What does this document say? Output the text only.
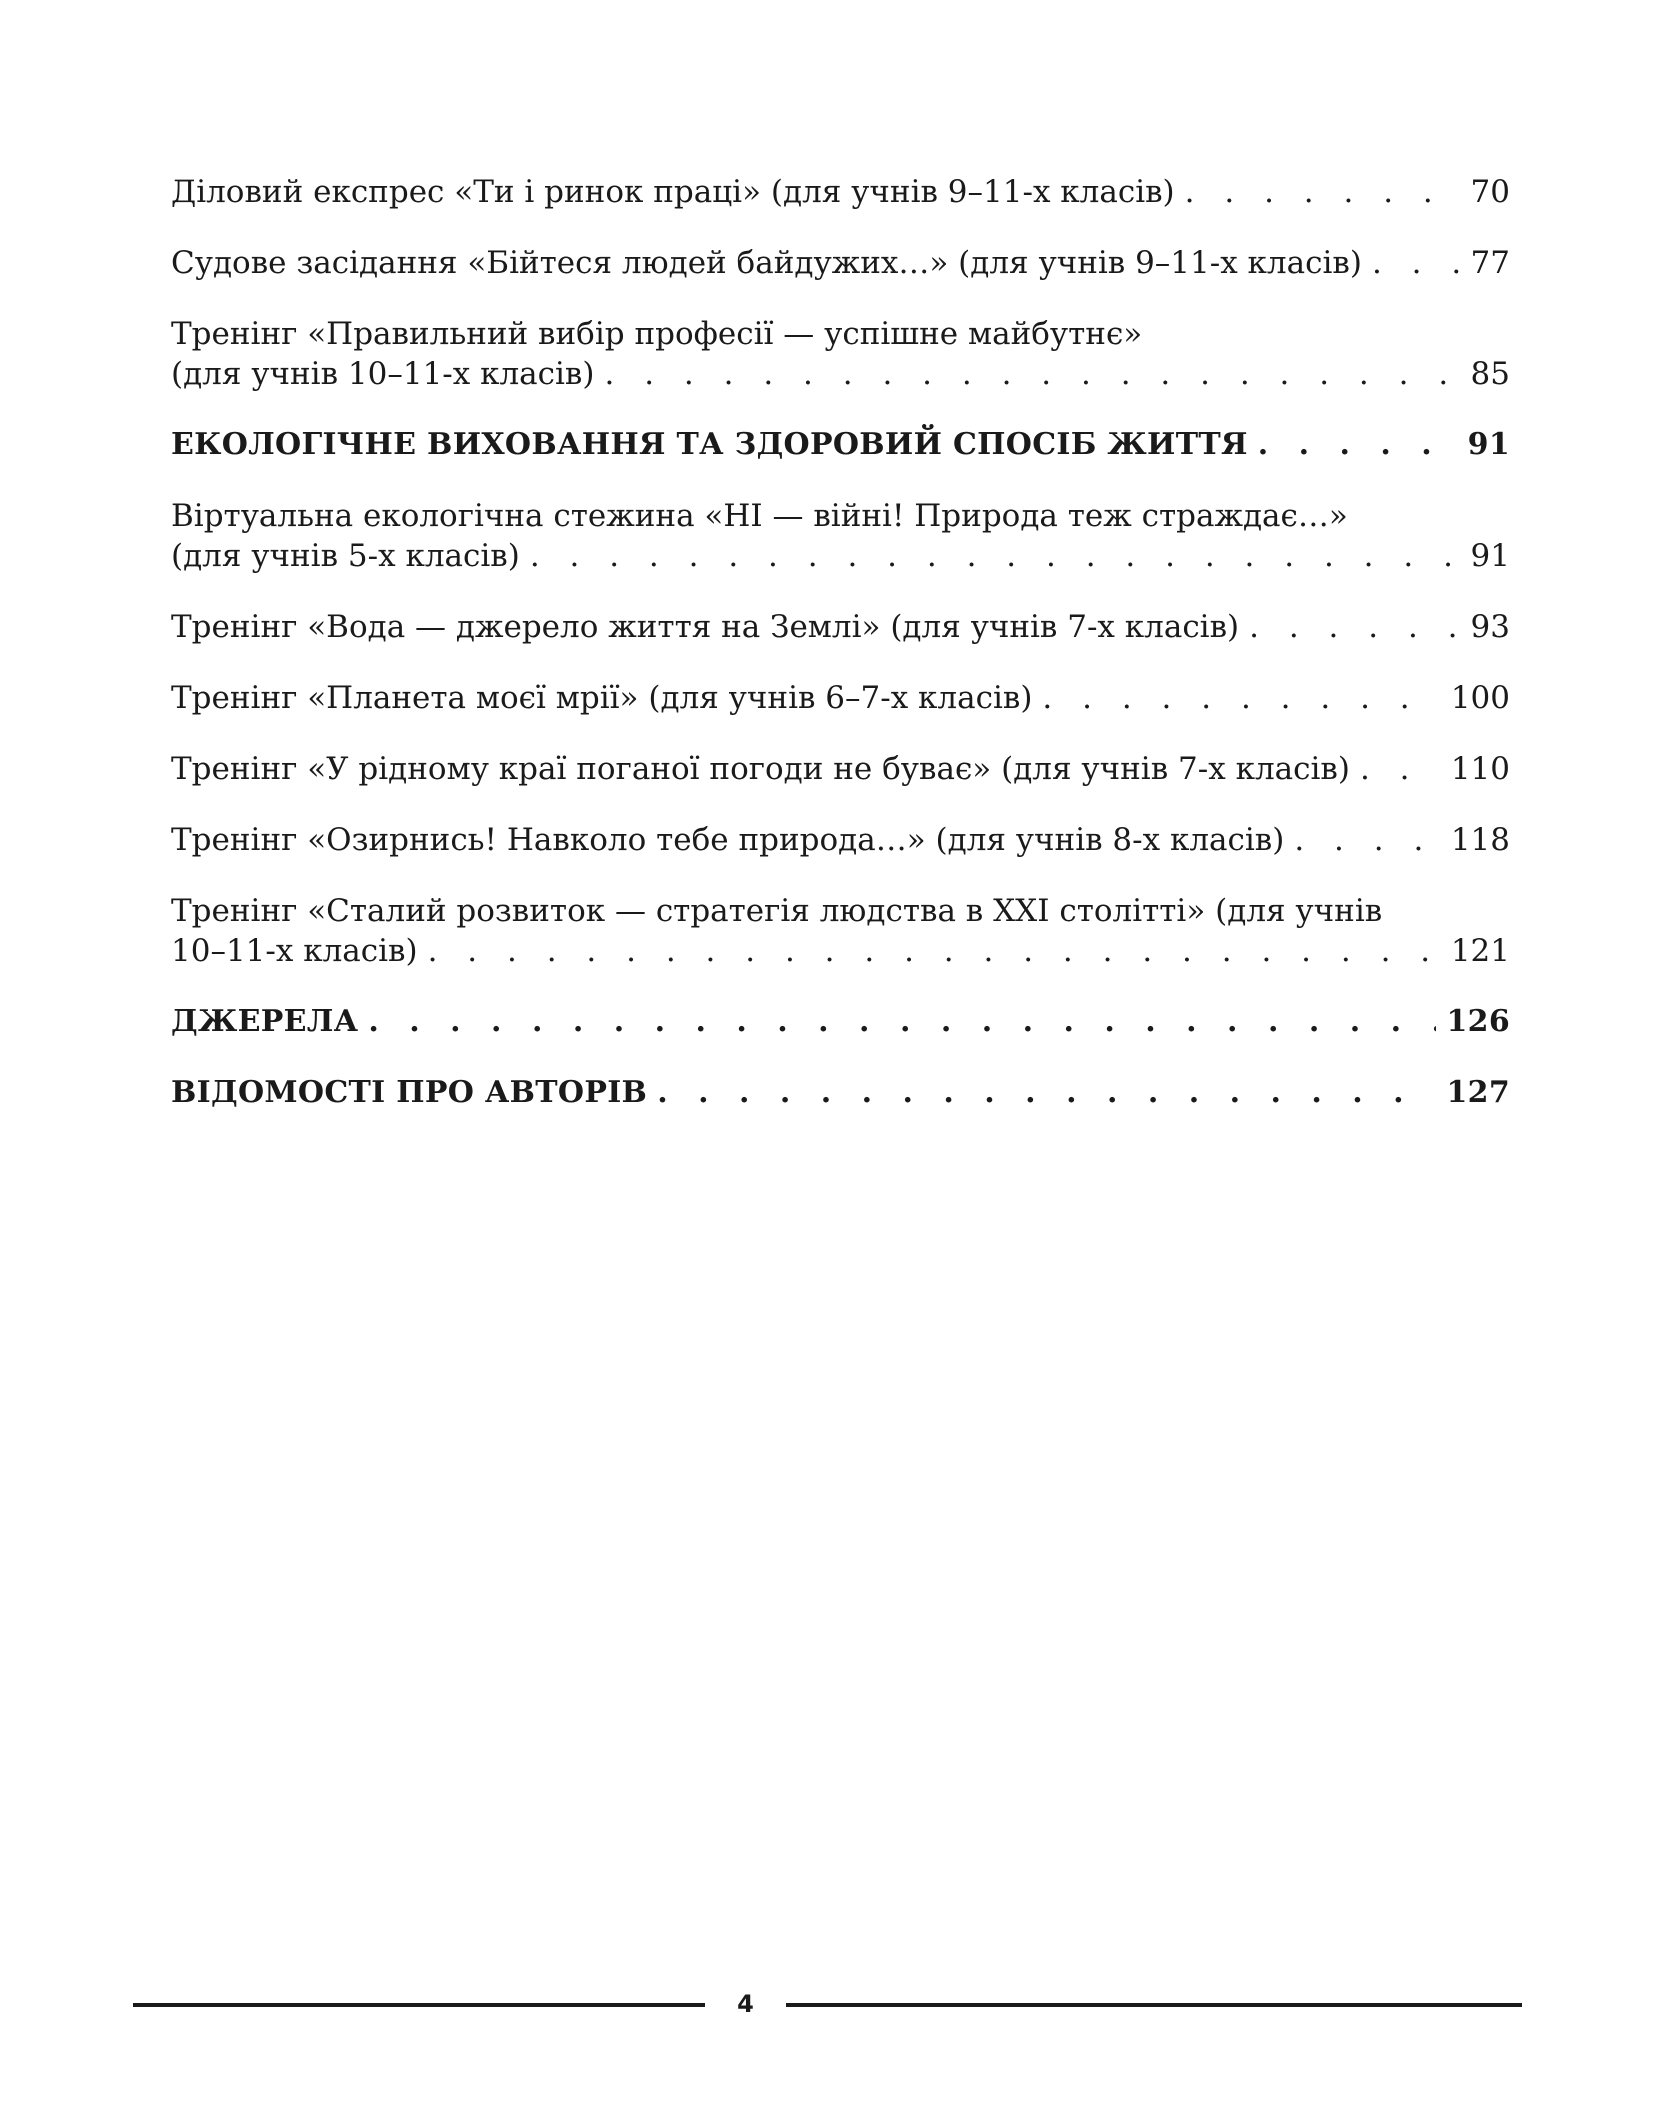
Діловий експрес «Ти і ринок праці» (для учнів 9–11-х класів) . . .	70
Судове засідання «Бійтеся людей байдужих…» (для учнів 9–11-х класів) . . .	77
Тренінг «Правильний вибір професії — успішне майбутнє»
(для учнів 10–11-х класів) . . .	85
ЕКОЛОГІЧНЕ ВИХОВАННЯ ТА ЗДОРОВИЙ СПОСІБ ЖИТТЯ . . .	91
Віртуальна екологічна стежина «НІ — війні! Природа теж страждає…»
(для учнів 5-х класів) . . .	91
Тренінг «Вода — джерело життя на Землі» (для учнів 7-х класів) . . .	93
Тренінг «Планета моєї мрії» (для учнів 6–7-х класів) . . .	100
Тренінг «У рідному краї поганої погоди не буває» (для учнів 7-х класів) . . .	110
Тренінг «Озирнись! Навколо тебе природа…» (для учнів 8-х класів) . . .	118
Тренінг «Сталий розвиток — стратегія людства в XXI столітті» (для учнів
10–11-х класів) . . .	121
ДЖЕРЕЛА . . .	126
ВІДОМОСТІ ПРО АВТОРІВ . . .	127
4
